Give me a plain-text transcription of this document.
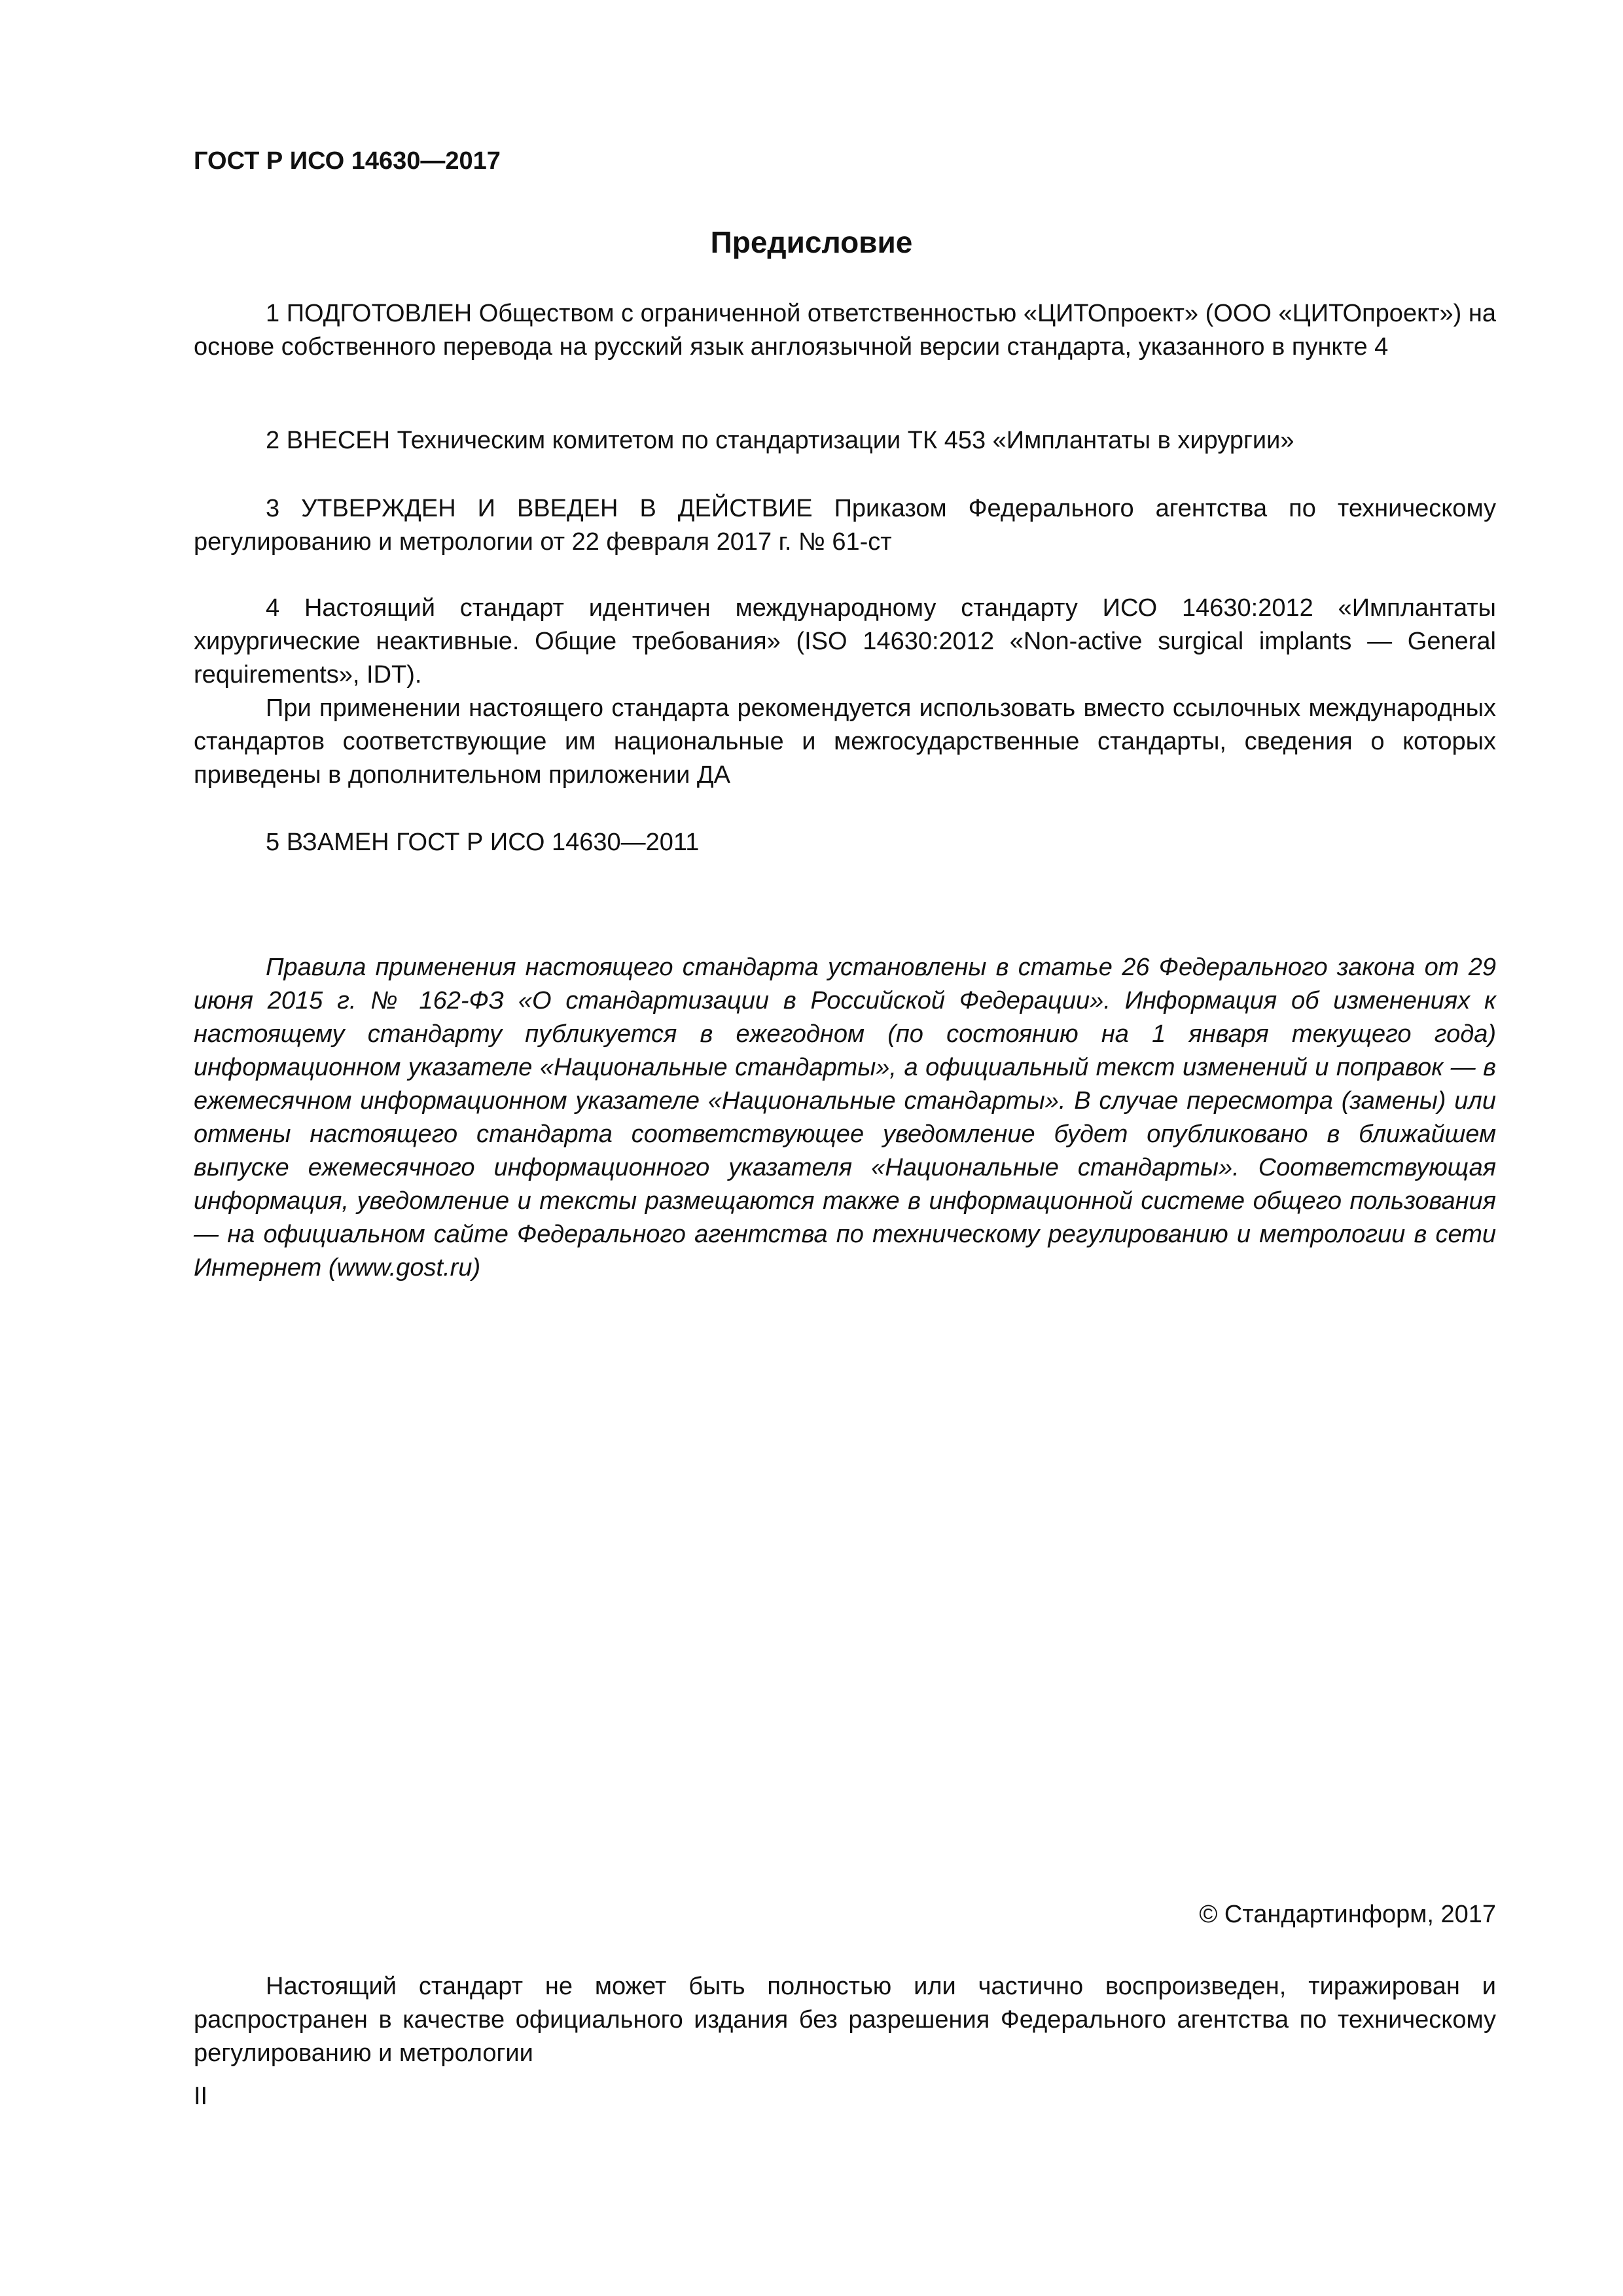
ГОСТ Р ИСО 14630—2017

Предисловие

1 ПОДГОТОВЛЕН Обществом с ограниченной ответственностью «ЦИТОпроект» (ООО «ЦИТОпроект») на основе собственного перевода на русский язык англоязычной версии стандарта, указанного в пункте 4

2 ВНЕСЕН Техническим комитетом по стандартизации ТК 453 «Имплантаты в хирургии»

3 УТВЕРЖДЕН И ВВЕДЕН В ДЕЙСТВИЕ Приказом Федерального агентства по техническому регулированию и метрологии от 22 февраля 2017 г. № 61-ст

4 Настоящий стандарт идентичен международному стандарту ИСО 14630:2012 «Имплантаты хирургические неактивные. Общие требования» (ISO 14630:2012 «Non-active surgical implants — General requirements», IDT).

При применении настоящего стандарта рекомендуется использовать вместо ссылочных международных стандартов соответствующие им национальные и межгосударственные стандарты, сведения о которых приведены в дополнительном приложении ДА

5 ВЗАМЕН ГОСТ Р ИСО 14630—2011

Правила применения настоящего стандарта установлены в статье 26 Федерального закона от 29 июня 2015 г. № 162-ФЗ «О стандартизации в Российской Федерации». Информация об изменениях к настоящему стандарту публикуется в ежегодном (по состоянию на 1 января текущего года) информационном указателе «Национальные стандарты», а официальный текст изменений и поправок — в ежемесячном информационном указателе «Национальные стандарты». В случае пересмотра (замены) или отмены настоящего стандарта соответствующее уведомление будет опубликовано в ближайшем выпуске ежемесячного информационного указателя «Национальные стандарты». Соответствующая информация, уведомление и тексты размещаются также в информационной системе общего пользования — на официальном сайте Федерального агентства по техническому регулированию и метрологии в сети Интернет (www.gost.ru)

© Стандартинформ, 2017

Настоящий стандарт не может быть полностью или частично воспроизведен, тиражирован и распространен в качестве официального издания без разрешения Федерального агентства по техническому регулированию и метрологии

II
